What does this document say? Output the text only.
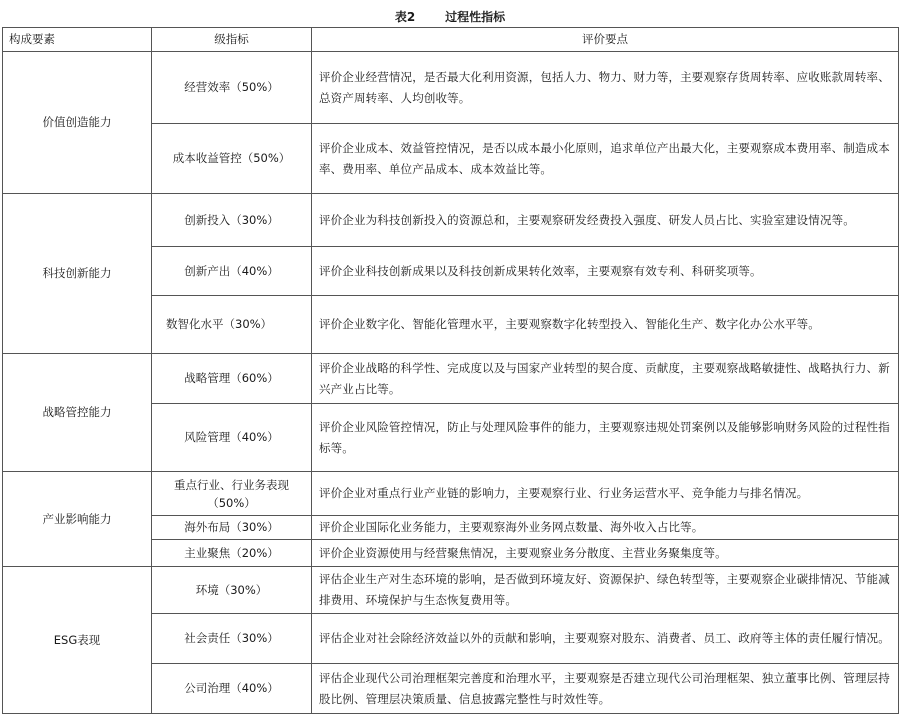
表2	过程性指标
构成要素	级指标	评价要点
价值创造能力	经营效率（50%）	评价企业经营情况，是否最大化利用资源，包括人力、物力、财力等，主要观察存货周转率、应收账款周转率、总资产周转率、人均创收等。
	成本收益管控（50%）	评价企业成本、效益管控情况，是否以成本最小化原则，追求单位产出最大化，主要观察成本费用率、制造成本率、费用率、单位产品成本、成本效益比等。
科技创新能力	创新投入（30%）	评价企业为科技创新投入的资源总和，主要观察研发经费投入强度、研发人员占比、实验室建设情况等。
	创新产出（40%）	评价企业科技创新成果以及科技创新成果转化效率，主要观察有效专利、科研奖项等。
	数智化水平（30%）	评价企业数字化、智能化管理水平，主要观察数字化转型投入、智能化生产、数字化办公水平等。
战略管控能力	战略管理（60%）	评价企业战略的科学性、完成度以及与国家产业转型的契合度、贡献度，主要观察战略敏捷性、战略执行力、新兴产业占比等。
	风险管理（40%）	评价企业风险管控情况，防止与处理风险事件的能力，主要观察违规处罚案例以及能够影响财务风险的过程性指标等。
产业影响能力	重点行业、行业务表现（50%）	评价企业对重点行业产业链的影响力，主要观察行业、行业务运营水平、竞争能力与排名情况。
	海外布局（30%）	评价企业国际化业务能力，主要观察海外业务网点数量、海外收入占比等。
	主业聚焦（20%）	评价企业资源使用与经营聚焦情况，主要观察业务分散度、主营业务聚集度等。
ESG表现	环境（30%）	评估企业生产对生态环境的影响，是否做到环境友好、资源保护、绿色转型等，主要观察企业碳排情况、节能减排费用、环境保护与生态恢复费用等。
	社会责任（30%）	评估企业对社会除经济效益以外的贡献和影响，主要观察对股东、消费者、员工、政府等主体的责任履行情况。
	公司治理（40%）	评估企业现代公司治理框架完善度和治理水平，主要观察是否建立现代公司治理框架、独立董事比例、管理层持股比例、管理层决策质量、信息披露完整性与时效性等。
